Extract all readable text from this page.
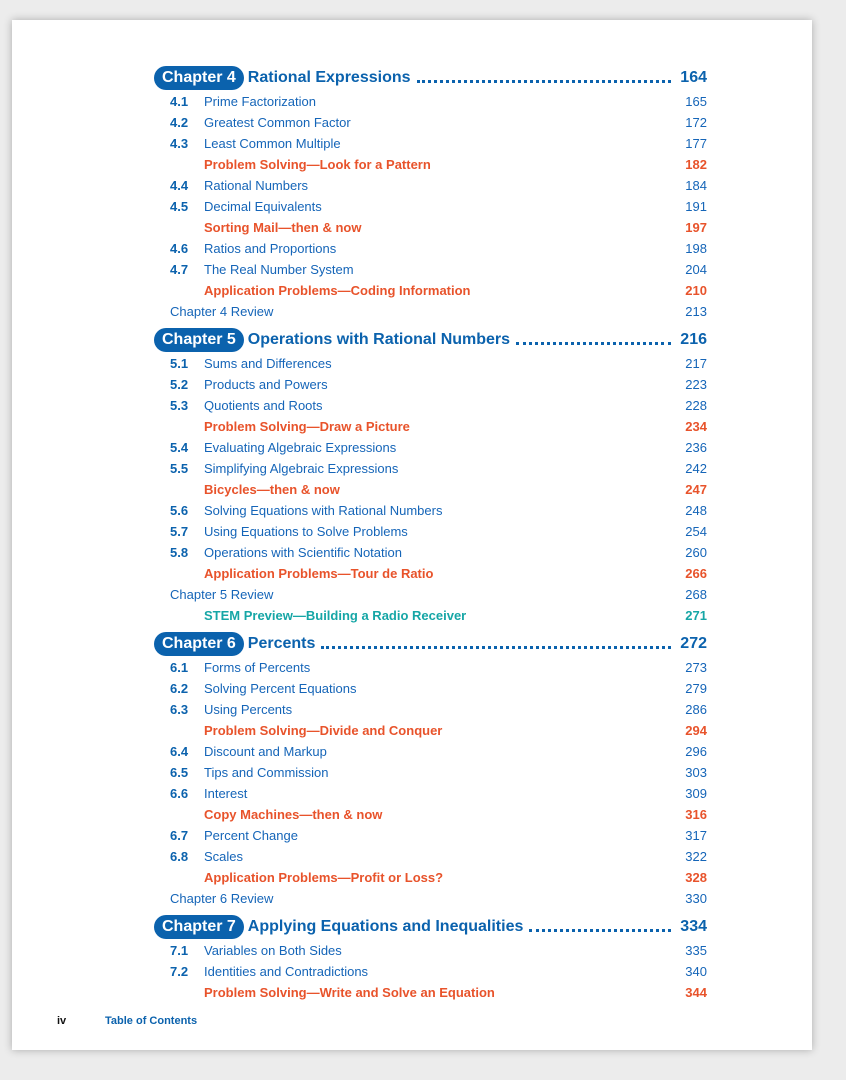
Chapter 4 Rational Expressions	164
4.1	Prime Factorization	165
4.2	Greatest Common Factor	172
4.3	Least Common Multiple	177
Problem Solving—Look for a Pattern	182
4.4	Rational Numbers	184
4.5	Decimal Equivalents	191
Sorting Mail—then & now	197
4.6	Ratios and Proportions	198
4.7	The Real Number System	204
Application Problems—Coding Information	210
Chapter 4 Review	213
Chapter 5 Operations with Rational Numbers	216
5.1	Sums and Differences	217
5.2	Products and Powers	223
5.3	Quotients and Roots	228
Problem Solving—Draw a Picture	234
5.4	Evaluating Algebraic Expressions	236
5.5	Simplifying Algebraic Expressions	242
Bicycles—then & now	247
5.6	Solving Equations with Rational Numbers	248
5.7	Using Equations to Solve Problems	254
5.8	Operations with Scientific Notation	260
Application Problems—Tour de Ratio	266
Chapter 5 Review	268
STEM Preview—Building a Radio Receiver	271
Chapter 6 Percents	272
6.1	Forms of Percents	273
6.2	Solving Percent Equations	279
6.3	Using Percents	286
Problem Solving—Divide and Conquer	294
6.4	Discount and Markup	296
6.5	Tips and Commission	303
6.6	Interest	309
Copy Machines—then & now	316
6.7	Percent Change	317
6.8	Scales	322
Application Problems—Profit or Loss?	328
Chapter 6 Review	330
Chapter 7 Applying Equations and Inequalities	334
7.1	Variables on Both Sides	335
7.2	Identities and Contradictions	340
Problem Solving—Write and Solve an Equation	344
iv	Table of Contents
